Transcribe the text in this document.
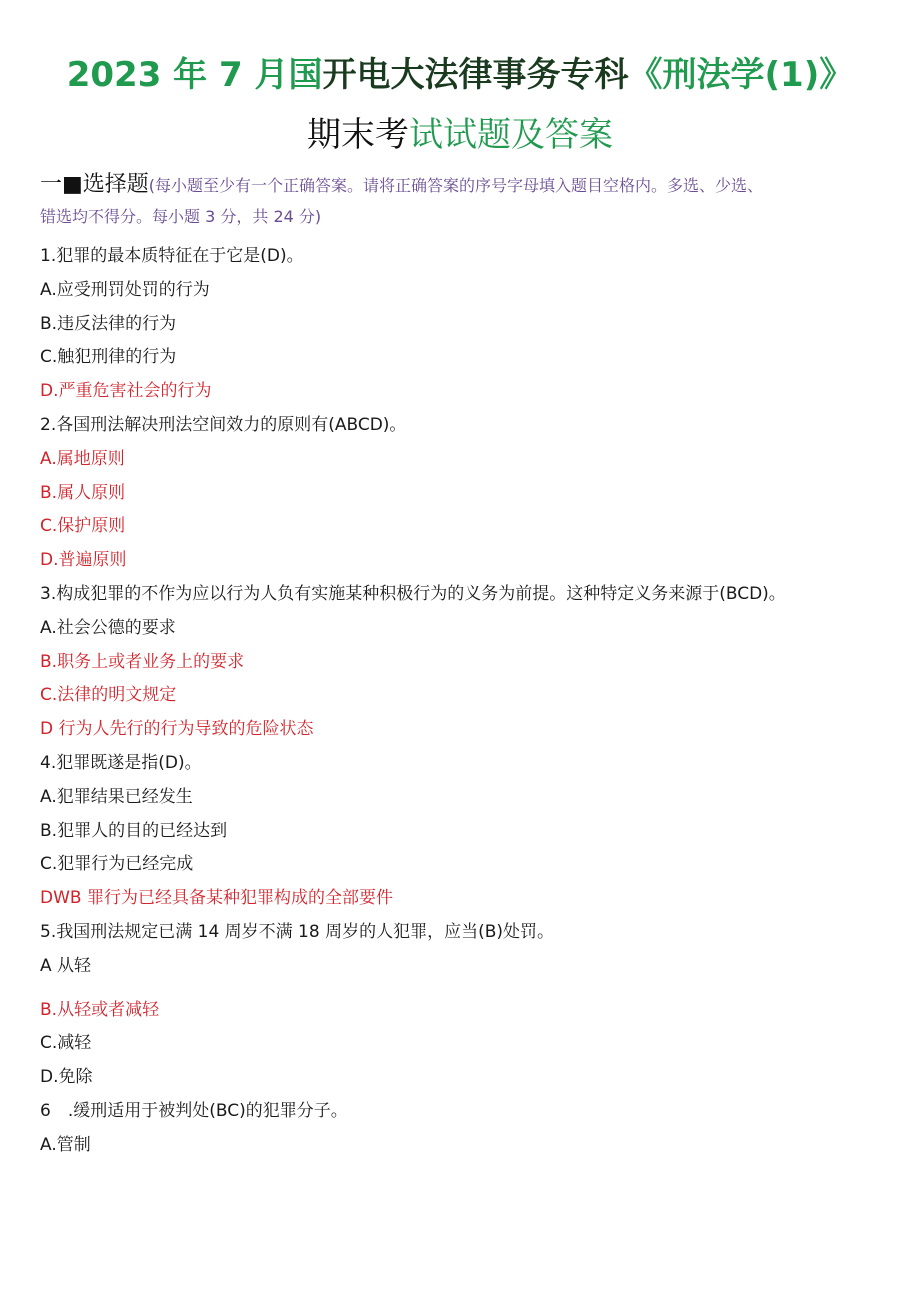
2023 年 7 月国开电大法律事务专科《刑法学(1)》
期末考试试题及答案
一■选择题(每小题至少有一个正确答案。请将正确答案的序号字母填入题目空格内。多选、少选、
错选均不得分。每小题 3 分，共 24 分)
1.犯罪的最本质特征在于它是(D)。
A.应受刑罚处罚的行为
B.违反法律的行为
C.触犯刑律的行为
D.严重危害社会的行为
2.各国刑法解决刑法空间效力的原则有(ABCD)。
A.属地原则
B.属人原则
C.保护原则
D.普遍原则
3.构成犯罪的不作为应以行为人负有实施某种积极行为的义务为前提。这种特定义务来源于(BCD)。
A.社会公德的要求
B.职务上或者业务上的要求
C.法律的明文规定
D 行为人先行的行为导致的危险状态
4.犯罪既遂是指(D)。
A.犯罪结果已经发生
B.犯罪人的目的已经达到
C.犯罪行为已经完成
DWB 罪行为已经具备某种犯罪构成的全部要件
5.我国刑法规定已满 14 周岁不满 18 周岁的人犯罪，应当(B)处罚。
A 从轻
B.从轻或者减轻
C.减轻
D.免除
6　.缓刑适用于被判处(BC)的犯罪分子。
A.管制
